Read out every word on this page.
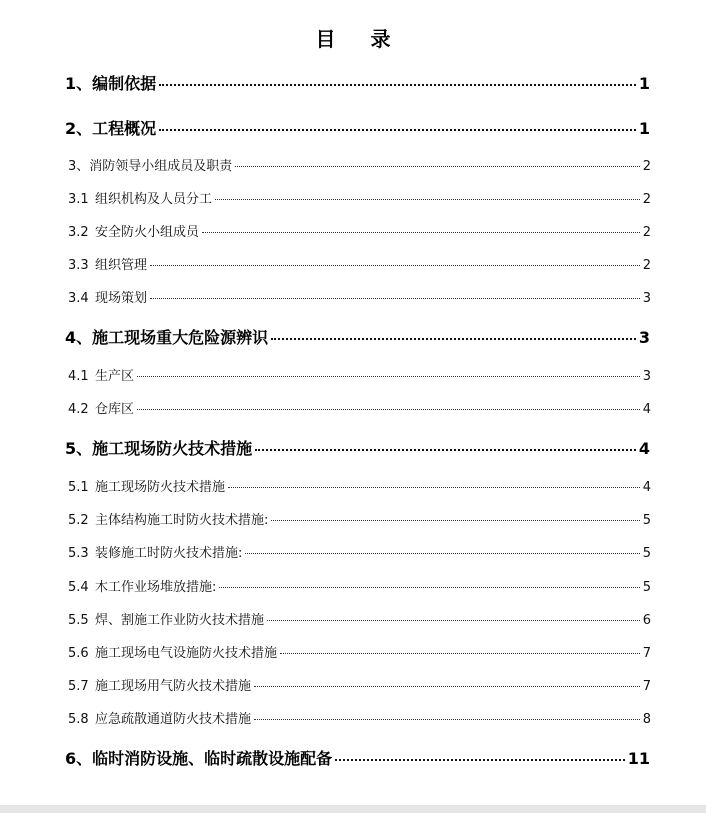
目 录
1、编制依据	1
2、工程概况	1
3、消防领导小组成员及职责	2
3.1 组织机构及人员分工	2
3.2 安全防火小组成员	2
3.3 组织管理	2
3.4 现场策划	3
4、施工现场重大危险源辨识	3
4.1 生产区	3
4.2 仓库区	4
5、施工现场防火技术措施	4
5.1 施工现场防火技术措施	4
5.2 主体结构施工时防火技术措施:	5
5.3 装修施工时防火技术措施:	5
5.4 木工作业场堆放措施:	5
5.5 焊、割施工作业防火技术措施	6
5.6 施工现场电气设施防火技术措施	7
5.7 施工现场用气防火技术措施	7
5.8 应急疏散通道防火技术措施	8
6、临时消防设施、临时疏散设施配备	11
